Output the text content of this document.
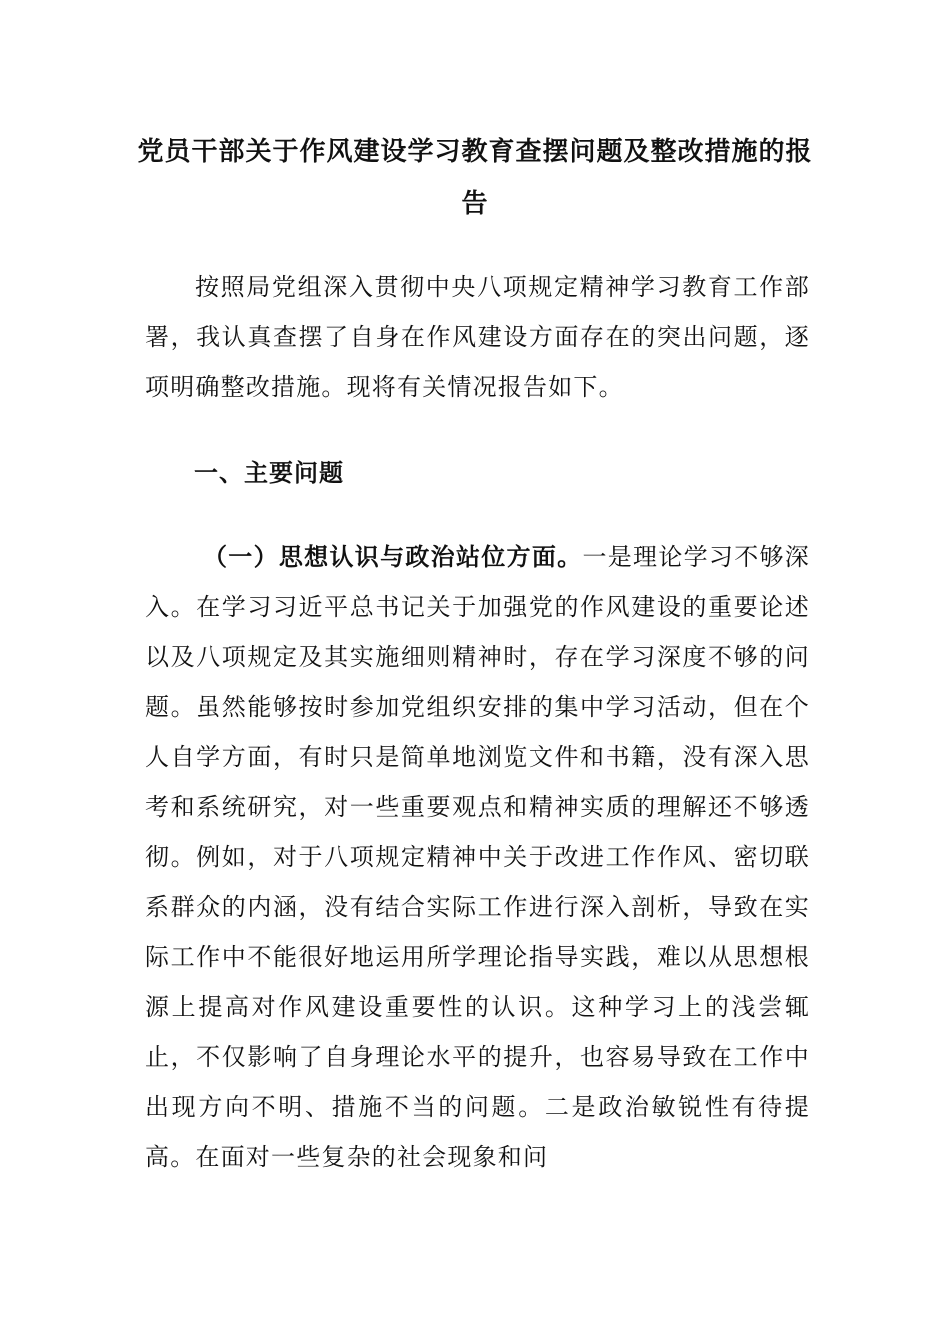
党员干部关于作风建设学习教育查摆问题及整改措施的报告

按照局党组深入贯彻中央八项规定精神学习教育工作部署，我认真查摆了自身在作风建设方面存在的突出问题，逐项明确整改措施。现将有关情况报告如下。

一、主要问题

（一）思想认识与政治站位方面。一是理论学习不够深入。在学习习近平总书记关于加强党的作风建设的重要论述以及八项规定及其实施细则精神时，存在学习深度不够的问题。虽然能够按时参加党组织安排的集中学习活动，但在个人自学方面，有时只是简单地浏览文件和书籍，没有深入思考和系统研究，对一些重要观点和精神实质的理解还不够透彻。例如，对于八项规定精神中关于改进工作作风、密切联系群众的内涵，没有结合实际工作进行深入剖析，导致在实际工作中不能很好地运用所学理论指导实践，难以从思想根源上提高对作风建设重要性的认识。这种学习上的浅尝辄止，不仅影响了自身理论水平的提升，也容易导致在工作中出现方向不明、措施不当的问题。二是政治敏锐性有待提高。在面对一些复杂的社会现象和问
